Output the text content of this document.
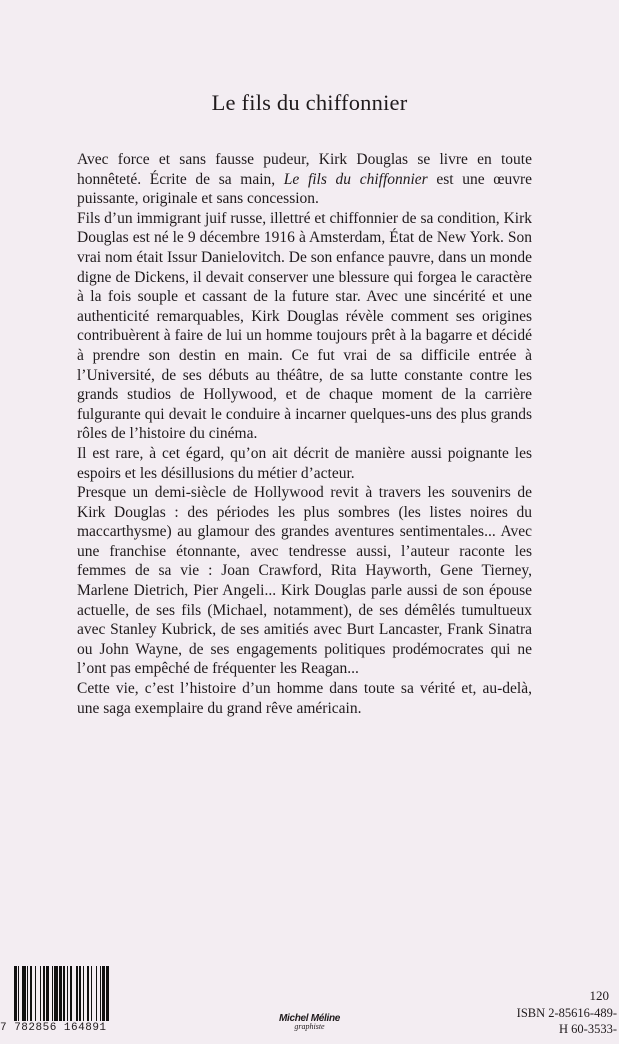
Le fils du chiffonnier

Avec force et sans fausse pudeur, Kirk Douglas se livre en toute honnêteté. Écrite de sa main, Le fils du chiffonnier est une œuvre puissante, originale et sans concession.

Fils d’un immigrant juif russe, illettré et chiffonnier de sa condition, Kirk Douglas est né le 9 décembre 1916 à Amsterdam, État de New York. Son vrai nom était Issur Danielovitch. De son enfance pauvre, dans un monde digne de Dickens, il devait conserver une blessure qui forgea le caractère à la fois souple et cassant de la future star. Avec une sincérité et une authenticité remarquables, Kirk Douglas révèle comment ses origines contribuèrent à faire de lui un homme toujours prêt à la bagarre et décidé à prendre son destin en main. Ce fut vrai de sa difficile entrée à l’Université, de ses débuts au théâtre, de sa lutte constante contre les grands studios de Hollywood, et de chaque moment de la carrière fulgurante qui devait le conduire à incarner quelques-uns des plus grands rôles de l’histoire du cinéma.

Il est rare, à cet égard, qu’on ait décrit de manière aussi poignante les espoirs et les désillusions du métier d’acteur.

Presque un demi-siècle de Hollywood revit à travers les souvenirs de Kirk Douglas : des périodes les plus sombres (les listes noires du maccarthysme) au glamour des grandes aventures sentimentales... Avec une franchise étonnante, avec tendresse aussi, l’auteur raconte les femmes de sa vie : Joan Crawford, Rita Hayworth, Gene Tierney, Marlene Dietrich, Pier Angeli... Kirk Douglas parle aussi de son épouse actuelle, de ses fils (Michael, notamment), de ses démêlés tumultueux avec Stanley Kubrick, de ses amitiés avec Burt Lancaster, Frank Sinatra ou John Wayne, de ses engagements politiques prodémocrates qui ne l’ont pas empêché de fréquenter les Reagan...

Cette vie, c’est l’histoire d’un homme dans toute sa vérité et, au-delà, une saga exemplaire du grand rêve américain.

7 782856 164891
Michel Méline
graphiste
120
ISBN 2-85616-489-
H 60-3533-
